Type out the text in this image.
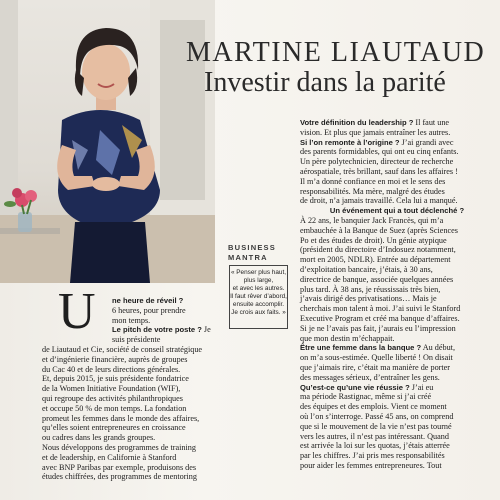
MARTINE LIAUTAUD
Investir dans la parité
BUSINESS
MANTRA
« Penser plus haut,
plus large,
et avec les autres.
Il faut rêver d’abord,
ensuite accomplir.
Je crois aux faits. »
U ne heure de réveil ?

6 heures, pour prendre

mon temps.

Le pitch de votre poste ? Je suis présidente

de Liautaud et Cie, société de conseil stratégique

et d’ingénierie financière, auprès de groupes

du Cac 40 et de leurs directions générales.

Et, depuis 2015, je suis présidente fondatrice

de la Women Initiative Foundation (WIF),

qui regroupe des activités philanthropiques

et occupe 50 % de mon temps. La fondation

promeut les femmes dans le monde des affaires,

qu’elles soient entrepreneures en croissance

ou cadres dans les grands groupes.

Nous développons des programmes de training

et de leadership, en Californie à Stanford

avec BNP Paribas par exemple, produisons des

études chiffrées, des programmes de mentoring

Votre définition du leadership ? Il faut une

vision. Et plus que jamais entraîner les autres.

Si l’on remonte à l’origine ? J’ai grandi avec

des parents formidables, qui ont eu cinq enfants.

Un père polytechnicien, directeur de recherche

aérospatiale, très brillant, sauf dans les affaires !

Il m’a donné confiance en moi et le sens des

responsabilités. Ma mère, malgré des études

de droit, n’a jamais travaillé. Cela lui a manqué.

Un événement qui a tout déclenché ?

À 22 ans, le banquier Jack Francès, qui m’a

embauchée à la Banque de Suez (après Sciences

Po et des études de droit). Un génie atypique

(président du directoire d’Indosuez notamment,

mort en 2005, NDLR). Entrée au département

d’exploitation bancaire, j’étais, à 30 ans,

directrice de banque, associée quelques années

plus tard. À 38 ans, je réussissais très bien,

j’avais dirigé des privatisations… Mais je

cherchais mon talent à moi. J’ai suivi le Stanford

Executive Program et créé ma banque d’affaires.

Si je ne l’avais pas fait, j’aurais eu l’impression

que mon destin m’échappait.

Être une femme dans la banque ? Au début,

on m’a sous-estimée. Quelle liberté ! On disait

que j’aimais rire, c’était ma manière de porter

des messages sérieux, d’entraîner les gens.

Qu’est-ce qu’une vie réussie ? J’ai eu

ma période Rastignac, même si j’ai créé

des équipes et des emplois. Vient ce moment

où l’on s’interroge. Passé 45 ans, on comprend

que si le mouvement de la vie n’est pas tourné

vers les autres, il n’est pas intéressant. Quand

est arrivée la loi sur les quotas, j’étais atterrée

par les chiffres. J’ai pris mes responsabilités

pour aider les femmes entrepreneures. Tout
